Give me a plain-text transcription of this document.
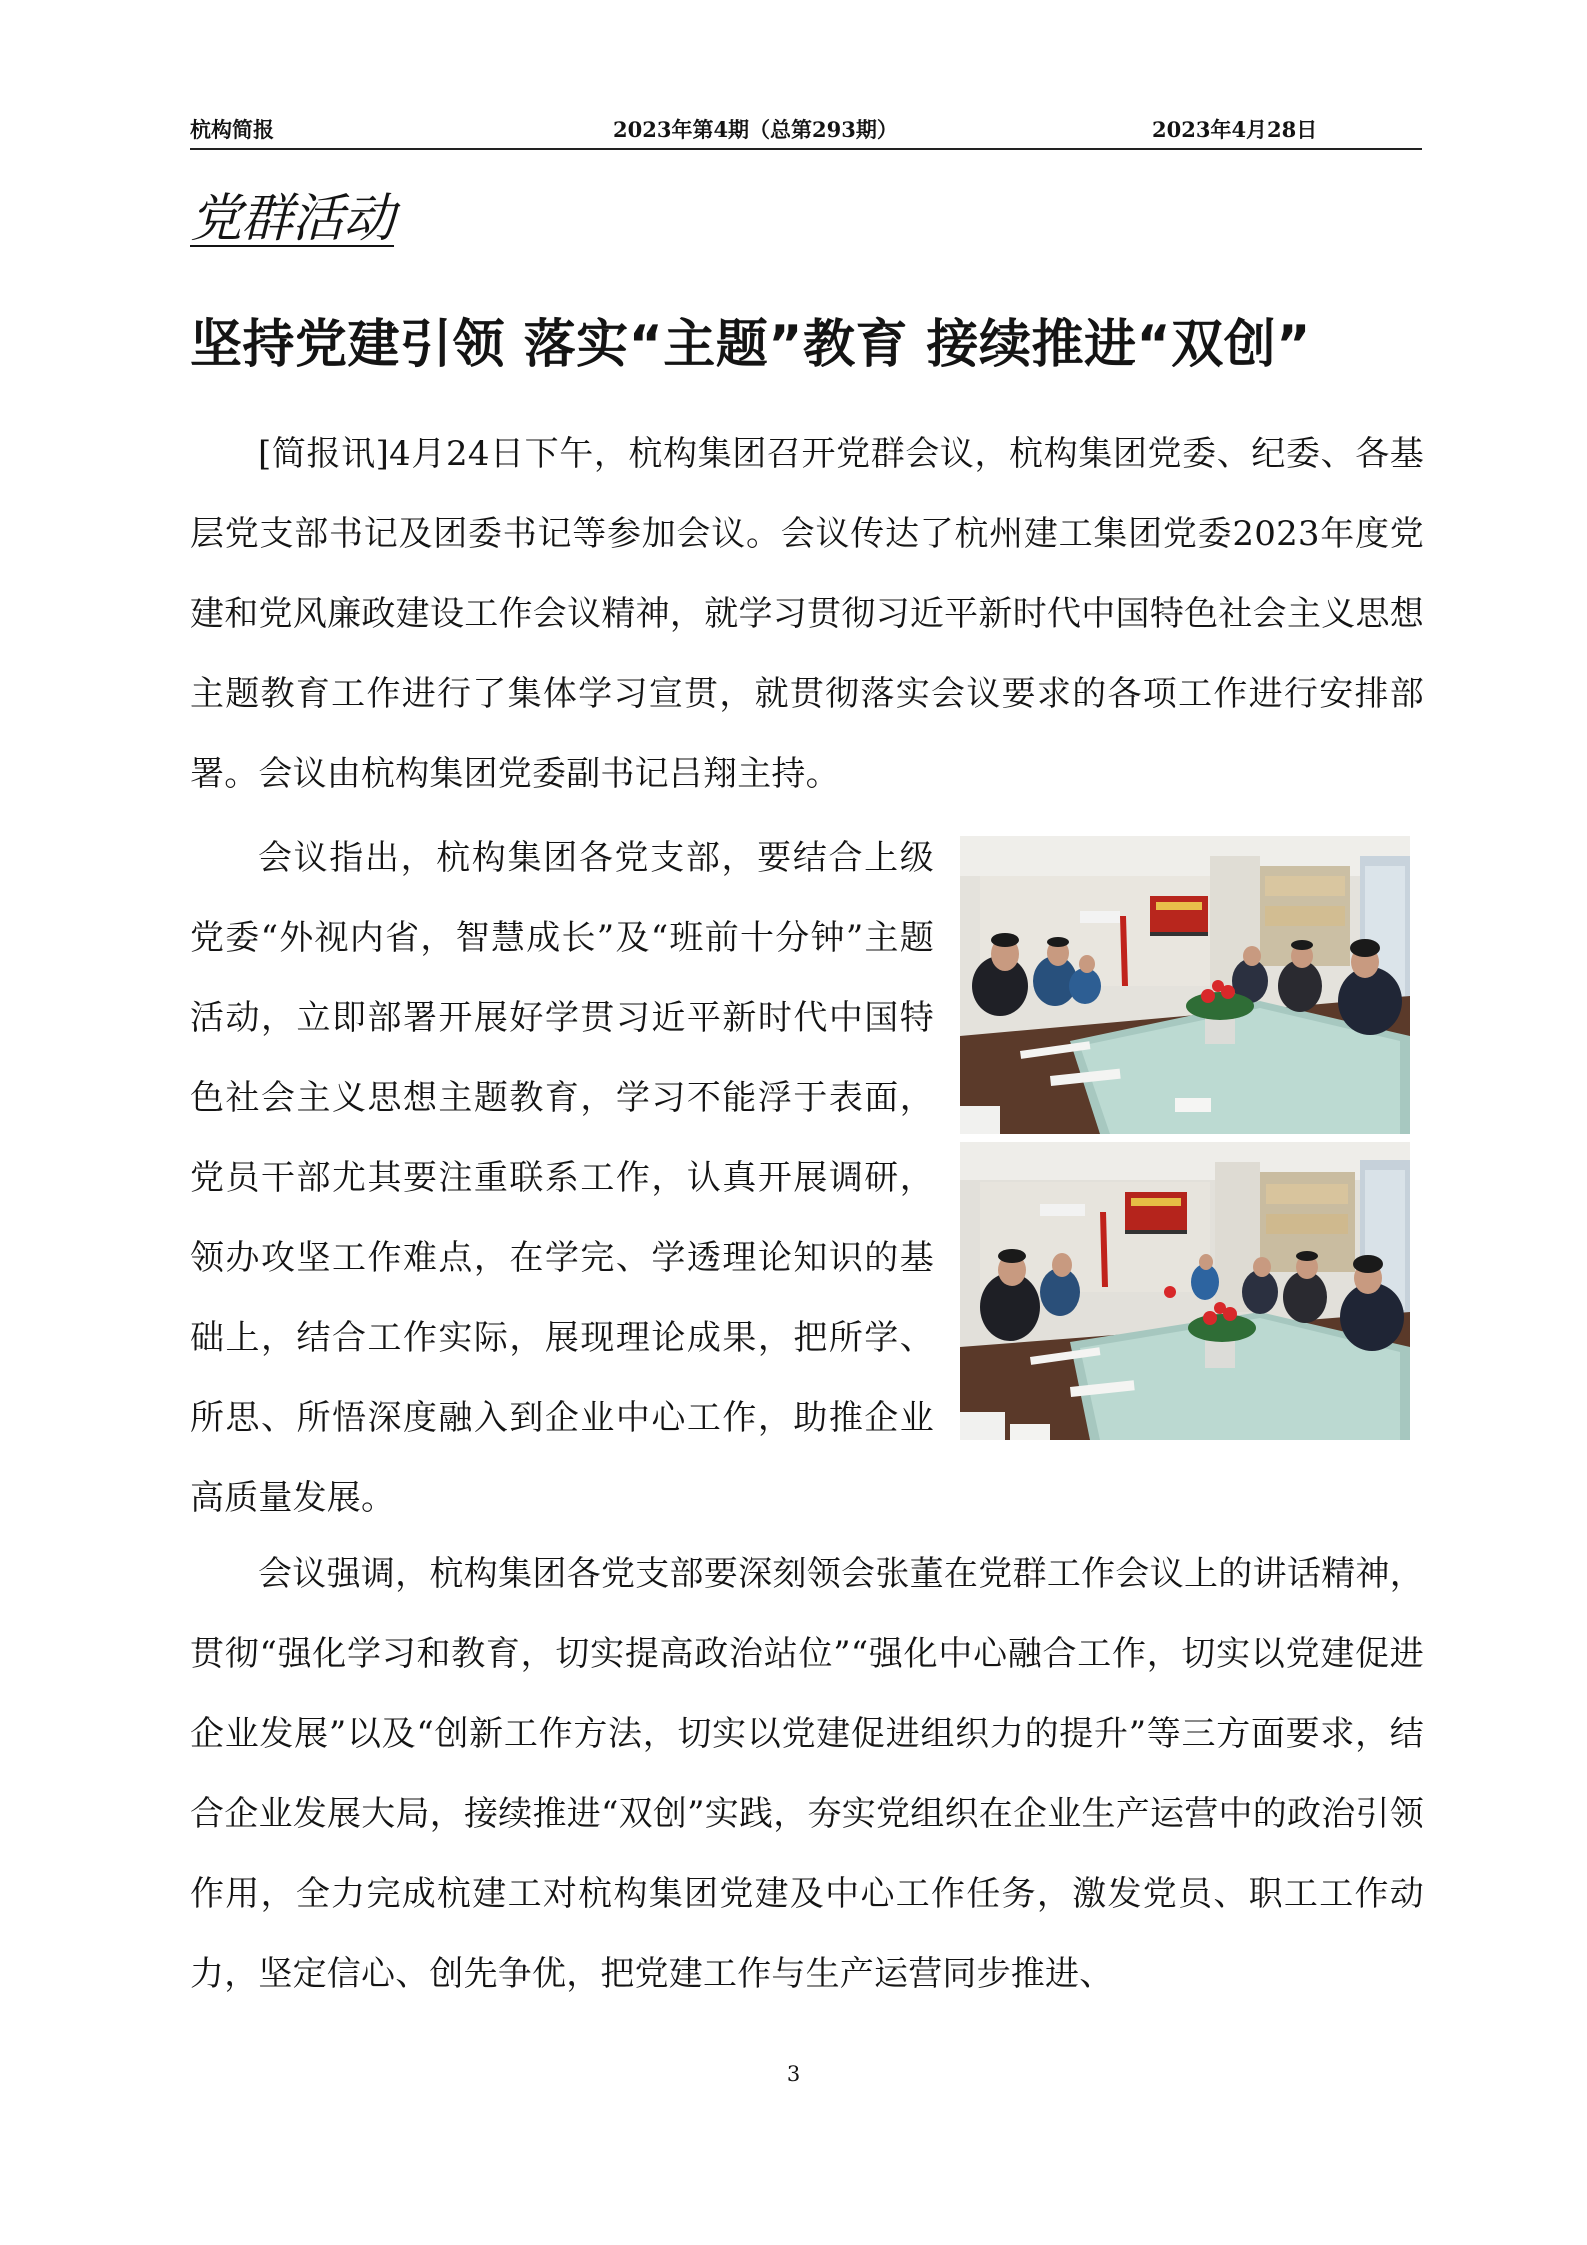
杭构简报	2023年第4期（总第293期）	2023年4月28日
党群活动
坚持党建引领 落实“主题”教育 接续推进“双创”

[简报讯]4月24日下午，杭构集团召开党群会议，杭构集团党委、纪委、各基层党支部书记及团委书记等参加会议。会议传达了杭州建工集团党委2023年度党建和党风廉政建设工作会议精神，就学习贯彻习近平新时代中国特色社会主义思想主题教育工作进行了集体学习宣贯，就贯彻落实会议要求的各项工作进行安排部署。会议由杭构集团党委副书记吕翔主持。

会议指出，杭构集团各党支部，要结合上级党委“外视内省，智慧成长”及“班前十分钟”主题活动，立即部署开展好学贯习近平新时代中国特色社会主义思想主题教育，学习不能浮于表面，党员干部尤其要注重联系工作，认真开展调研，领办攻坚工作难点，在学完、学透理论知识的基础上，结合工作实际，展现理论成果，把所学、所思、所悟深度融入到企业中心工作，助推企业高质量发展。

会议强调，杭构集团各党支部要深刻领会张董在党群工作会议上的讲话精神，贯彻“强化学习和教育，切实提高政治站位”“强化中心融合工作，切实以党建促进企业发展”以及“创新工作方法，切实以党建促进组织力的提升”等三方面要求，结合企业发展大局，接续推进“双创”实践，夯实党组织在企业生产运营中的政治引领作用，全力完成杭建工对杭构集团党建及中心工作任务，激发党员、职工工作动力，坚定信心、创先争优，把党建工作与生产运营同步推进、

3
